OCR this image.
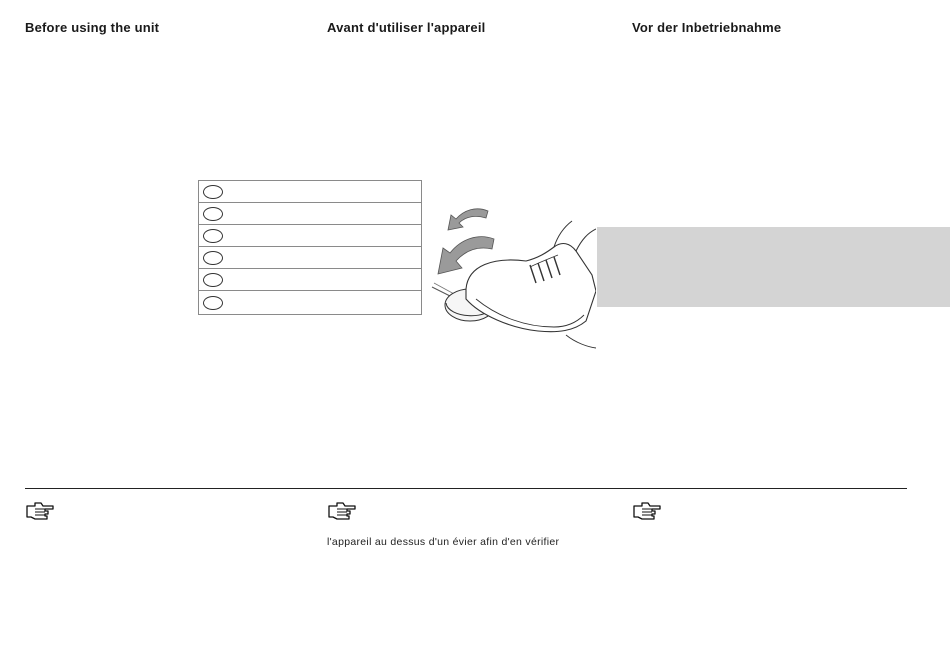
Before using the unit	Avant d'utiliser l'appareil	Vor der Inbetriebnahme

l'appareil au dessus d'un évier afin d'en vérifier
